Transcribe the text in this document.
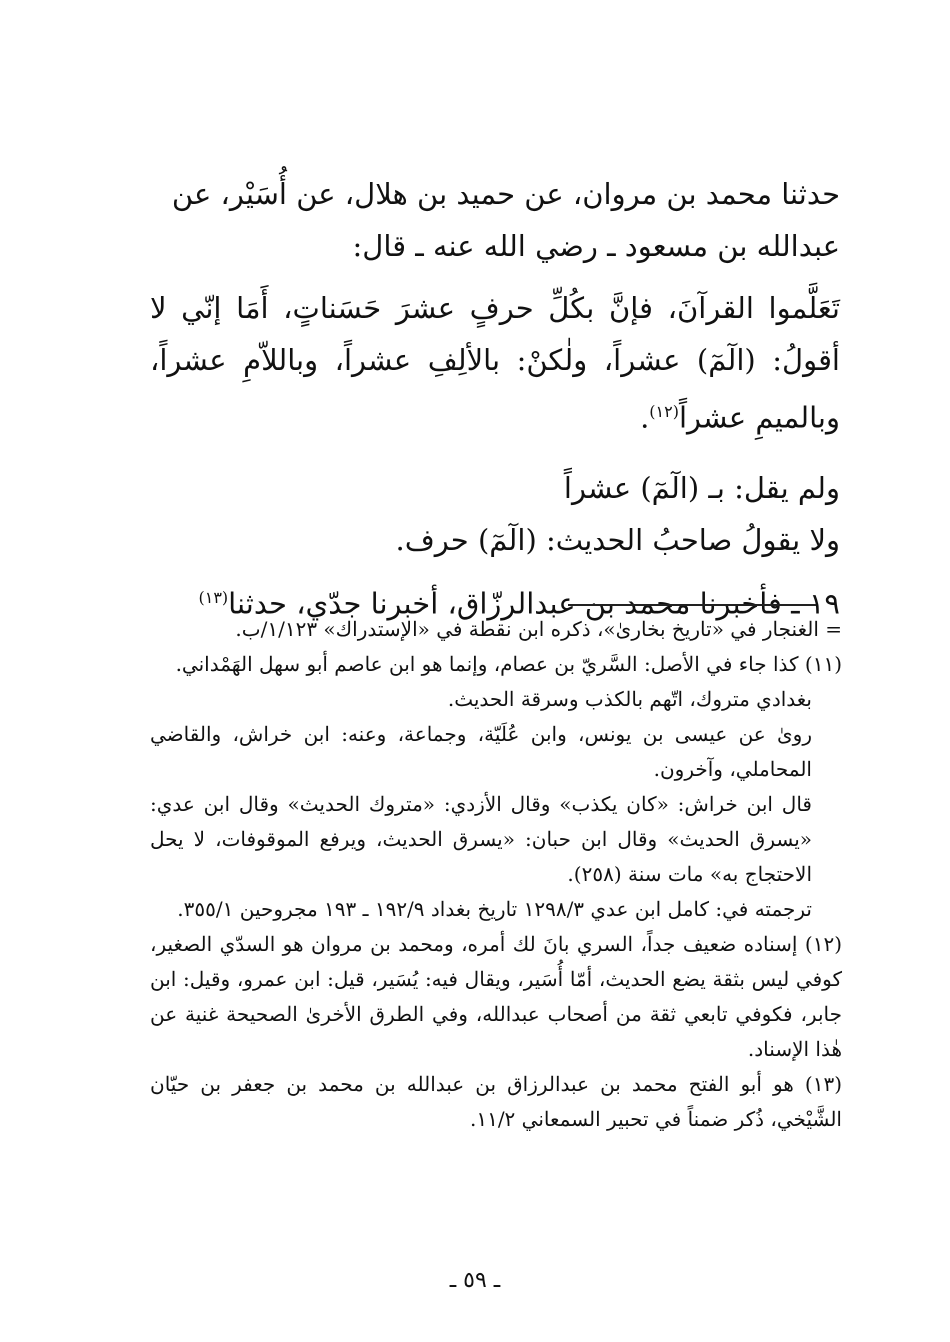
حدثنا محمد بن مروان، عن حميد بن هلال، عن أُسَيْر، عن

عبدالله بن مسعود ـ رضي الله عنه ـ قال:

تَعَلَّموا القرآنَ، فإنَّ بكُلِّ حرفٍ عشرَ حَسَناتٍ، أَمَا إنّي لا أقولُ: (الٓمٓ) عشراً، ولٰكنْ: بالألِفِ عشراً، وباللاّمِ عشراً، وبالميمِ عشراً$^{(١٢)}$.

ولم يقل: بـ (الٓمٓ) عشراً

ولا يقولُ صاحبُ الحديث: (الٓمٓ) حرف.

١٩ ـ فأخبرنا محمد بن عبدالرزّاق، أخبرنا جدّي، حدثنا$^{(١٣)}$

= الغنجار في «تاريخ بخارىٰ»، ذكره ابن نقطة في «الإستدراك» ١/١٢٣/ب.

(١١) كذا جاء في الأصل: السَّريّ بن عصام، وإنما هو ابن عاصم أبو سهل الهَمْداني.

بغدادي متروك، اتّهم بالكذب وسرقة الحديث.

روىٰ عن عيسى بن يونس، وابن عُلَيّة، وجماعة، وعنه: ابن خراش، والقاضي المحاملي، وآخرون.

قال ابن خراش: «كان يكذب» وقال الأزدي: «متروك الحديث» وقال ابن عدي: «يسرق الحديث» وقال ابن حبان: «يسرق الحديث، ويرفع الموقوفات، لا يحل الاحتجاج به» مات سنة (٢٥٨).

ترجمته في: كامل ابن عدي ١٢٩٨/٣ تاريخ بغداد ١٩٢/٩ ـ ١٩٣ مجروحين ٣٥٥/١.

(١٢) إسناده ضعيف جداً، السري بانَ لك أمره، ومحمد بن مروان هو السدّي الصغير، كوفي ليس بثقة يضع الحديث، أمّا أُسَير، ويقال فيه: يُسَير، قيل: ابن عمرو، وقيل: ابن جابر، فكوفي تابعي ثقة من أصحاب عبدالله، وفي الطرق الأخرىٰ الصحيحة غنية عن هٰذا الإسناد.

(١٣) هو أبو الفتح محمد بن عبدالرزاق بن عبدالله بن محمد بن جعفر بن حيّان الشَّيْخي، ذُكر ضمناً في تحبير السمعاني ١١/٢.

ـ ٥٩ ـ
